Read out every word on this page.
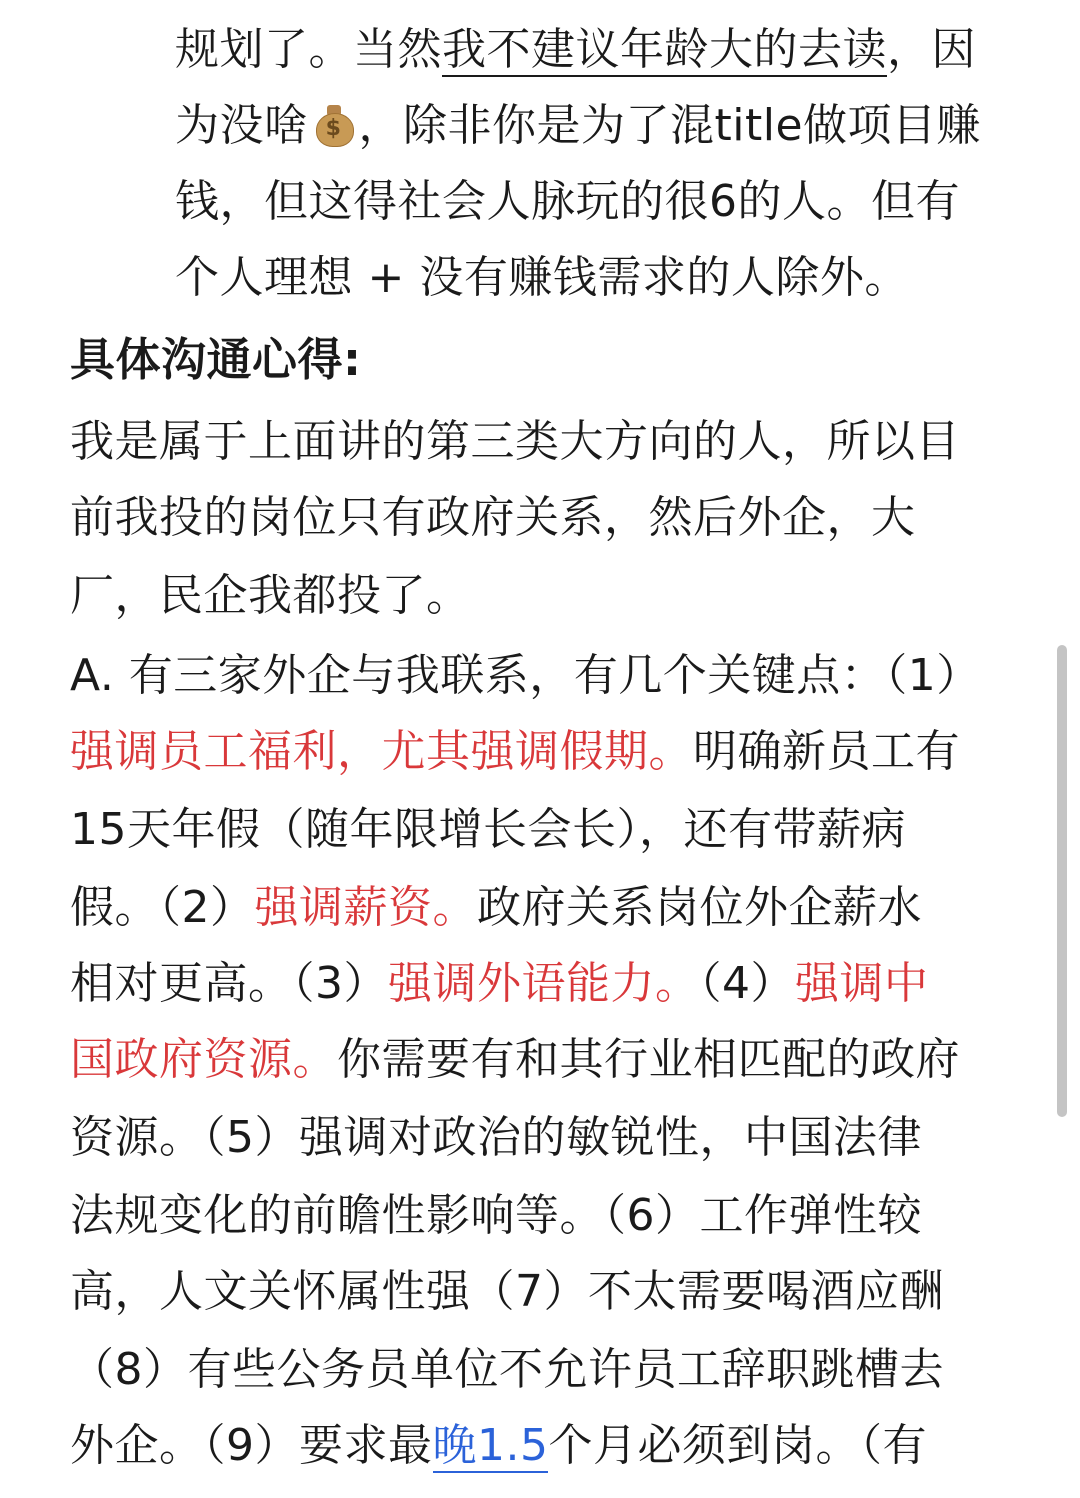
规划了。当然我不建议年龄大的去读，因
为没啥 $ ，除非你是为了混title做项目赚
钱，但这得社会人脉玩的很6的人。但有
个人理想 + 没有赚钱需求的人除外。
具体沟通心得:
我是属于上面讲的第三类大方向的人，所以目
前我投的岗位只有政府关系，然后外企，大
厂，民企我都投了。
A. 有三家外企与我联系，有几个关键点：（1）
强调员工福利，尤其强调假期。明确新员工有
15天年假（随年限增长会长），还有带薪病
假。（2）强调薪资。政府关系岗位外企薪水
相对更高。（3）强调外语能力。（4）强调中
国政府资源。你需要有和其行业相匹配的政府
资源。（5）强调对政治的敏锐性，中国法律
法规变化的前瞻性影响等。（6）工作弹性较
高，人文关怀属性强（7）不太需要喝酒应酬
（8）有些公务员单位不允许员工辞职跳槽去
外企。（9）要求最晚1.5个月必须到岗。（有
